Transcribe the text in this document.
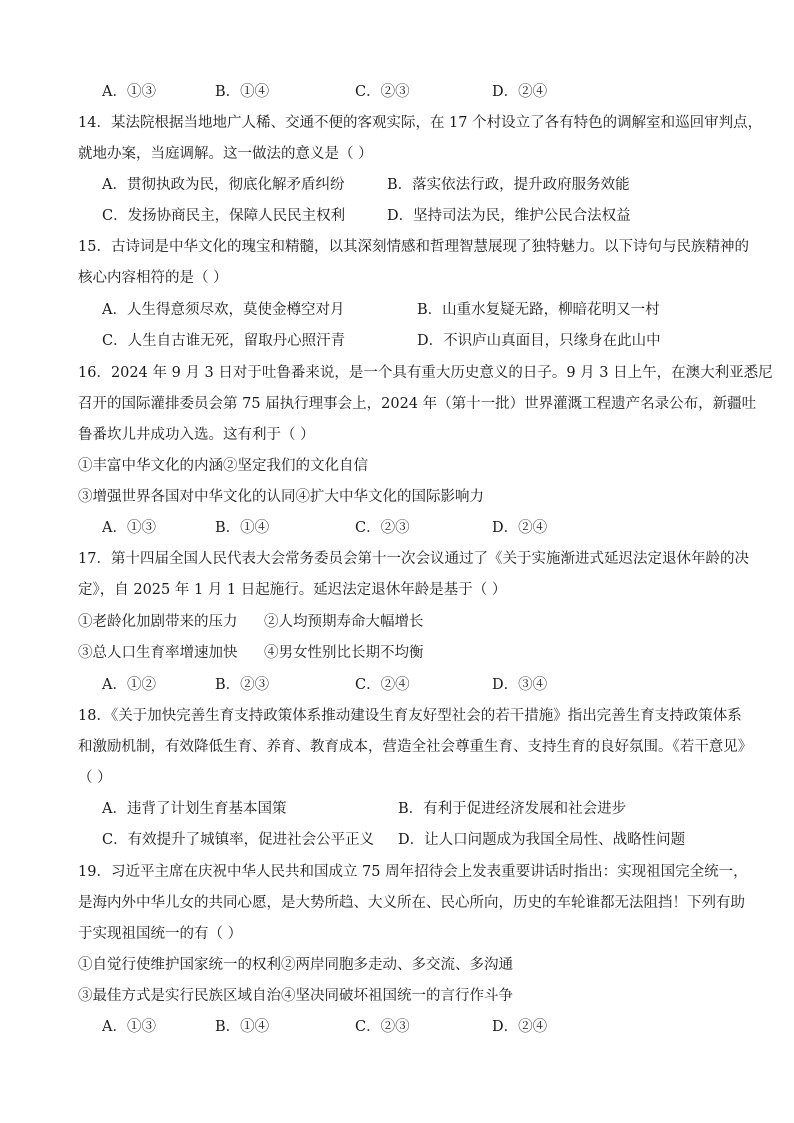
A．①③	B．①④	C．②③	D．②④
14．某法院根据当地地广人稀、交通不便的客观实际，在 17 个村设立了各有特色的调解室和巡回审判点，
就地办案，当庭调解。这一做法的意义是（ ）
A．贯彻执政为民，彻底化解矛盾纠纷	B．落实依法行政，提升政府服务效能
C．发扬协商民主，保障人民民主权利	D．坚持司法为民，维护公民合法权益
15．古诗词是中华文化的瑰宝和精髓，以其深刻情感和哲理智慧展现了独特魅力。以下诗句与民族精神的
核心内容相符的是（ ）
A．人生得意须尽欢，莫使金樽空对月	B．山重水复疑无路，柳暗花明又一村
C．人生自古谁无死，留取丹心照汗青	D．不识庐山真面目，只缘身在此山中
16．2024 年 9 月 3 日对于吐鲁番来说，是一个具有重大历史意义的日子。9 月 3 日上午，在澳大利亚悉尼
召开的国际灌排委员会第 75 届执行理事会上，2024 年（第十一批）世界灌溉工程遗产名录公布，新疆吐
鲁番坎儿井成功入选。这有利于（ ）
①丰富中华文化的内涵②坚定我们的文化自信
③增强世界各国对中华文化的认同④扩大中华文化的国际影响力
A．①③	B．①④	C．②③	D．②④
17．第十四届全国人民代表大会常务委员会第十一次会议通过了《关于实施渐进式延迟法定退休年龄的决
定》，自 2025 年 1 月 1 日起施行。延迟法定退休年龄是基于（ ）
①老龄化加剧带来的压力 ②人均预期寿命大幅增长
③总人口生育率增速加快 ④男女性别比长期不均衡
A．①②	B．②③	C．②④	D．③④
18．《关于加快完善生育支持政策体系推动建设生育友好型社会的若干措施》指出完善生育支持政策体系
和激励机制，有效降低生育、养育、教育成本，营造全社会尊重生育、支持生育的良好氛围。《若干意见》
（ ）
A．违背了计划生育基本国策	B．有利于促进经济发展和社会进步
C．有效提升了城镇率，促进社会公平正义 D．让人口问题成为我国全局性、战略性问题
19．习近平主席在庆祝中华人民共和国成立 75 周年招待会上发表重要讲话时指出：实现祖国完全统一，
是海内外中华儿女的共同心愿，是大势所趋、大义所在、民心所向，历史的车轮谁都无法阻挡！下列有助
于实现祖国统一的有（ ）
①自觉行使维护国家统一的权利 ②两岸同胞多走动、多交流、多沟通
③最佳方式是实行民族区域自治 ④坚决同破坏祖国统一的言行作斗争
A．①③	B．①④	C．②③	D．②④
